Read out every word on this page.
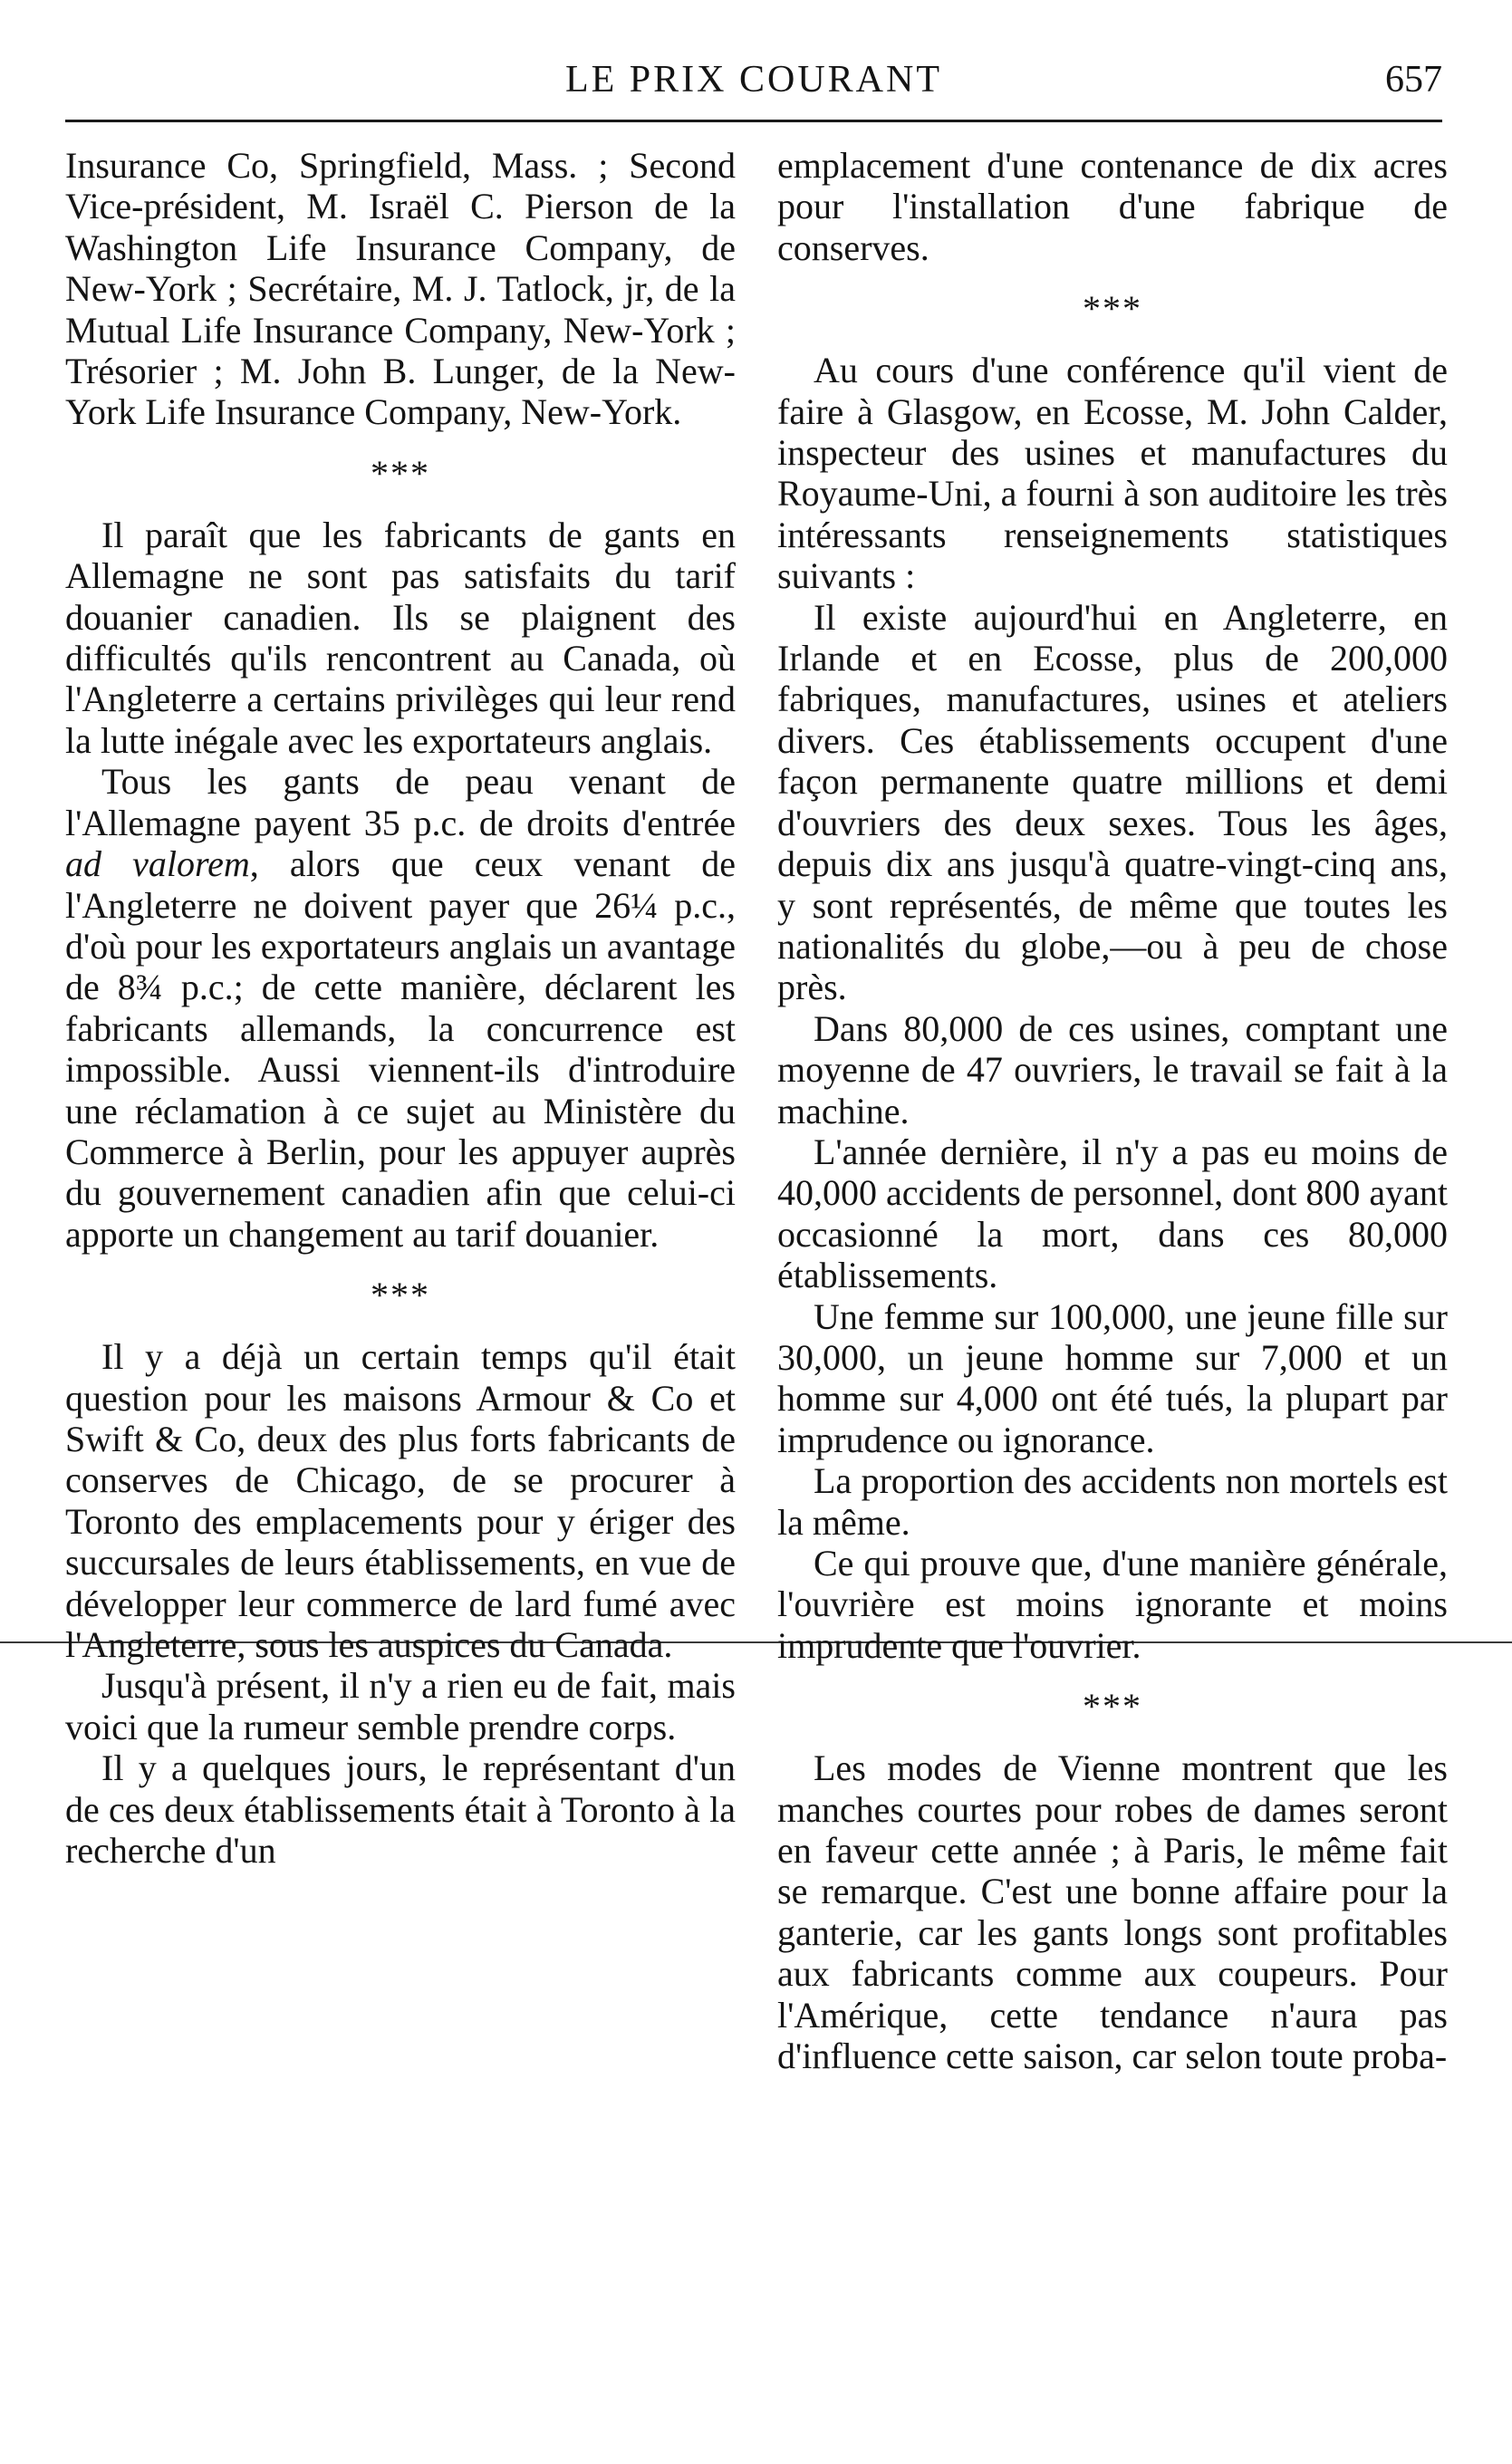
LE PRIX COURANT	657

Insurance Co, Springfield, Mass. ; Second Vice-président, M. Israël C. Pierson de la Washington Life Insurance Company, de New-York ; Secrétaire, M. J. Tatlock, jr, de la Mutual Life Insurance Company, New-York ; Trésorier ; M. John B. Lunger, de la New-York Life Insurance Company, New-York.

***

Il paraît que les fabricants de gants en Allemagne ne sont pas satisfaits du tarif douanier canadien. Ils se plaignent des difficultés qu'ils rencontrent au Canada, où l'Angleterre a certains privilèges qui leur rend la lutte inégale avec les exportateurs anglais.

Tous les gants de peau venant de l'Allemagne payent 35 p.c. de droits d'entrée ad valorem, alors que ceux venant de l'Angleterre ne doivent payer que 26¼ p.c., d'où pour les exportateurs anglais un avantage de 8¾ p.c.; de cette manière, déclarent les fabricants allemands, la concurrence est impossible. Aussi viennent-ils d'introduire une réclamation à ce sujet au Ministère du Commerce à Berlin, pour les appuyer auprès du gouvernement canadien afin que celui-ci apporte un changement au tarif douanier.

***

Il y a déjà un certain temps qu'il était question pour les maisons Armour & Co et Swift & Co, deux des plus forts fabricants de conserves de Chicago, de se procurer à Toronto des emplacements pour y ériger des succursales de leurs établissements, en vue de développer leur commerce de lard fumé avec l'Angleterre, sous les auspices du Canada.

Jusqu'à présent, il n'y a rien eu de fait, mais voici que la rumeur semble prendre corps.

Il y a quelques jours, le représentant d'un de ces deux établissements était à Toronto à la recherche d'un

emplacement d'une contenance de dix acres pour l'installation d'une fabrique de conserves.

***

Au cours d'une conférence qu'il vient de faire à Glasgow, en Ecosse, M. John Calder, inspecteur des usines et manufactures du Royaume-Uni, a fourni à son auditoire les très intéressants renseignements statistiques suivants :

Il existe aujourd'hui en Angleterre, en Irlande et en Ecosse, plus de 200,000 fabriques, manufactures, usines et ateliers divers. Ces établissements occupent d'une façon permanente quatre millions et demi d'ouvriers des deux sexes. Tous les âges, depuis dix ans jusqu'à quatre-vingt-cinq ans, y sont représentés, de même que toutes les nationalités du globe,—ou à peu de chose près.

Dans 80,000 de ces usines, comptant une moyenne de 47 ouvriers, le travail se fait à la machine.

L'année dernière, il n'y a pas eu moins de 40,000 accidents de personnel, dont 800 ayant occasionné la mort, dans ces 80,000 établissements.

Une femme sur 100,000, une jeune fille sur 30,000, un jeune homme sur 7,000 et un homme sur 4,000 ont été tués, la plupart par imprudence ou ignorance.

La proportion des accidents non mortels est la même.

Ce qui prouve que, d'une manière générale, l'ouvrière est moins ignorante et moins imprudente que l'ouvrier.

***

Les modes de Vienne montrent que les manches courtes pour robes de dames seront en faveur cette année ; à Paris, le même fait se remarque. C'est une bonne affaire pour la ganterie, car les gants longs sont profitables aux fabricants comme aux coupeurs. Pour l'Amérique, cette tendance n'aura pas d'influence cette saison, car selon toute proba-
